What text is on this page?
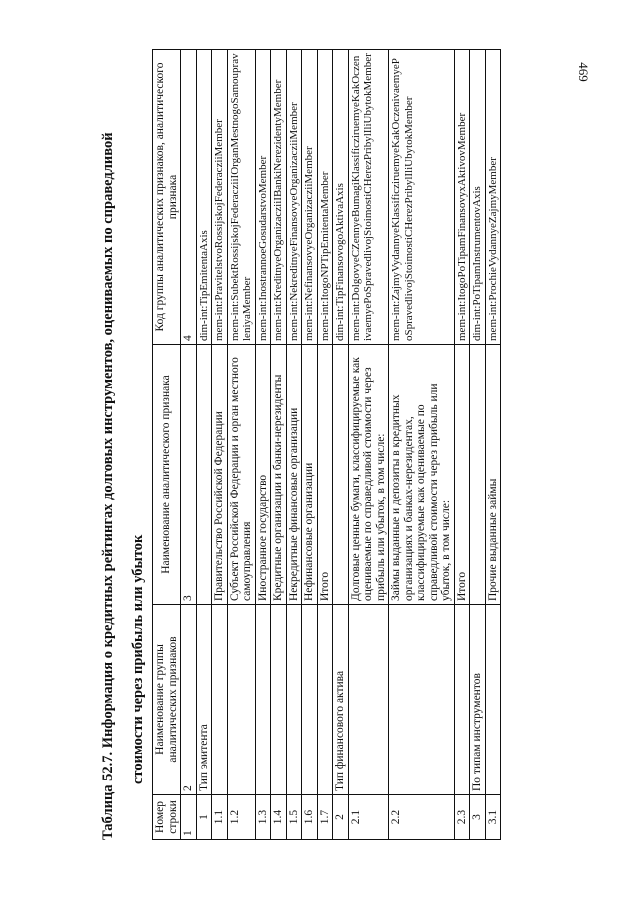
469
Таблица 52.7. Информация о кредитных рейтингах долговых инструментов, оцениваемых по справедливой стоимости через прибыль или убыток
Номер строки	Наименование группы аналитических признаков	Наименование аналитического признака	Код группы аналитических признаков, аналитического признака
1	2	3	4
1	Тип эмитента		dim-int:TipEmitentaAxis
1.1		Правительство Российской Федерации	mem-int:PravitelstvoRossijskojFederacziiMember
1.2		Субъект Российской Федерации и орган местного самоуправления	mem-int:SubektRossijskojFederacziiIOrganMestnogoSamoupravleniyaMember
1.3		Иностранное государство	mem-int:InostrannoeGosudarstvoMember
1.4		Кредитные организации и банки-нерезиденты	mem-int:KreditnyeOrganizacziiIBankiNerezidentyMember
1.5		Некредитные финансовые организации	mem-int:NekreditnyeFinansovyeOrganizacziiMember
1.6		Нефинансовые организации	mem-int:NefinansovyeOrganizacziiMember
1.7		Итого	mem-int:ItogoNPTipEmitentaMember
2	Тип финансового актива		dim-int:TipFinansovogoAktivaAxis
2.1		Долговые ценные бумаги, классифицируемые как оцениваемые по справедливой стоимости через прибыль или убыток, в том числе:	mem-int:DolgovyeCZennyeBumagiKlassificziruemyeKakOczenivaemyePoSpravedlivojStoimostiCHerezPribylIliUbytokMember
2.2		Займы выданные и депозиты в кредитных организациях и банках-нерезидентах, классифицируемые как оцениваемые по справедливой стоимости через прибыль или убыток, в том числе:	mem-int:ZajmyVydannyeKlassificziruemyeKakOczenivaemyePoSpravedlivojStoimostiCHerezPribylIliUbytokMember
2.3		Итого	mem-int:ItogoPoTipamFinansovyxAktivovMember
3	По типам инструментов		dim-int:PoTipamInstrumentovAxis
3.1		Прочие выданные займы	mem-int:ProchieVydannyeZajmyMember
